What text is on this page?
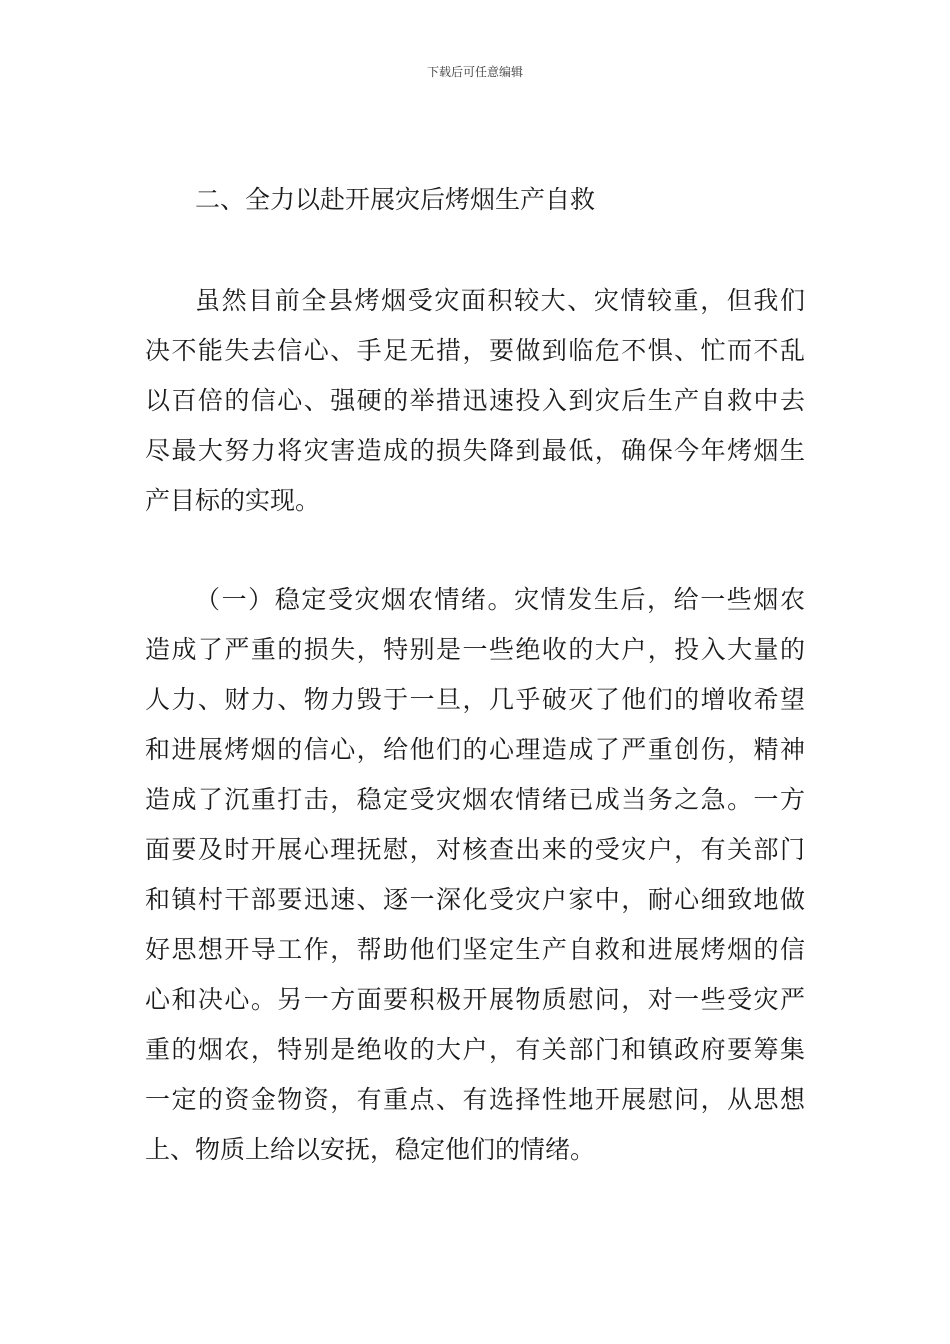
下载后可任意编辑
二、全力以赴开展灾后烤烟生产自救
虽然目前全县烤烟受灾面积较大、灾情较重，但我们
决不能失去信心、手足无措，要做到临危不惧、忙而不乱
以百倍的信心、强硬的举措迅速投入到灾后生产自救中去
尽最大努力将灾害造成的损失降到最低，确保今年烤烟生
产目标的实现。
（一）稳定受灾烟农情绪。灾情发生后，给一些烟农
造成了严重的损失，特别是一些绝收的大户，投入大量的
人力、财力、物力毁于一旦，几乎破灭了他们的增收希望
和进展烤烟的信心，给他们的心理造成了严重创伤，精神
造成了沉重打击，稳定受灾烟农情绪已成当务之急。一方
面要及时开展心理抚慰，对核查出来的受灾户，有关部门
和镇村干部要迅速、逐一深化受灾户家中，耐心细致地做
好思想开导工作，帮助他们坚定生产自救和进展烤烟的信
心和决心。另一方面要积极开展物质慰问，对一些受灾严
重的烟农，特别是绝收的大户，有关部门和镇政府要筹集
一定的资金物资，有重点、有选择性地开展慰问，从思想
上、物质上给以安抚，稳定他们的情绪。
